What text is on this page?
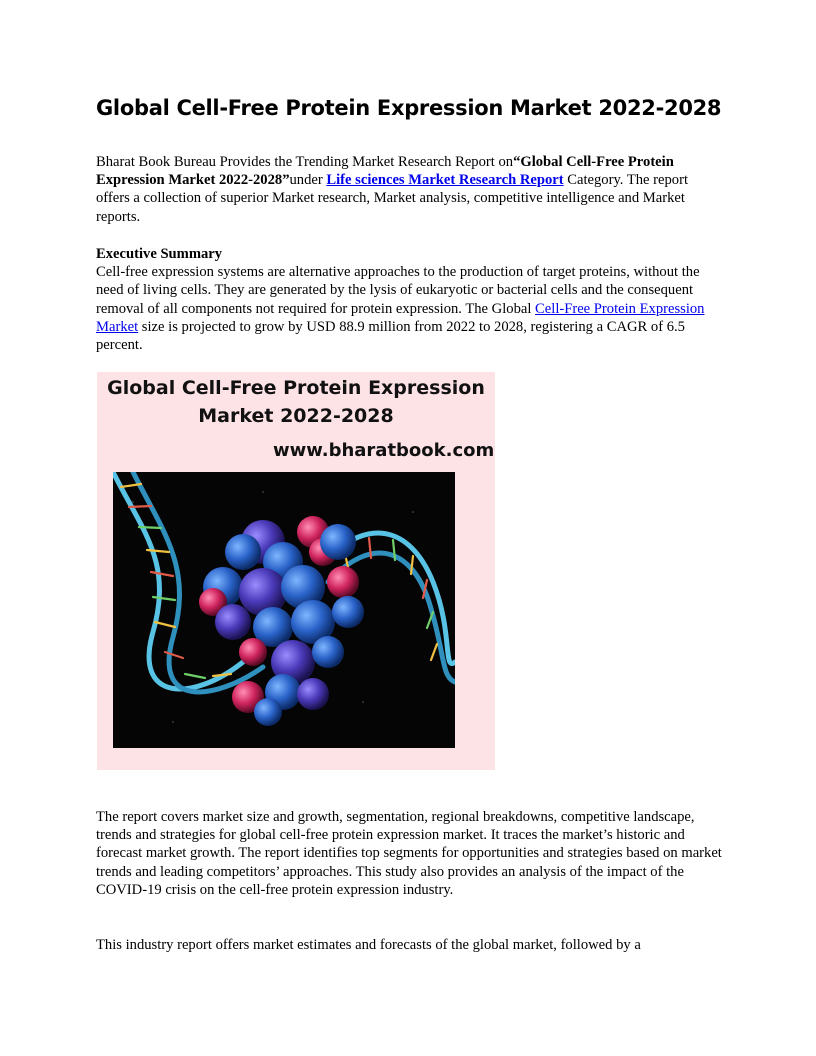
Global Cell-Free Protein Expression Market 2022-2028

Bharat Book Bureau Provides the Trending Market Research Report on“Global Cell-Free Protein Expression Market 2022-2028”under Life sciences Market Research Report Category. The report offers a collection of superior Market research, Market analysis, competitive intelligence and Market reports.

Executive Summary
Cell-free expression systems are alternative approaches to the production of target proteins, without the need of living cells. They are generated by the lysis of eukaryotic or bacterial cells and the consequent removal of all components not required for protein expression. The Global Cell-Free Protein Expression Market size is projected to grow by USD 88.9 million from 2022 to 2028, registering a CAGR of 6.5 percent.

Global Cell-Free Protein Expression Market 2022-2028
www.bharatbook.com

The report covers market size and growth, segmentation, regional breakdowns, competitive landscape, trends and strategies for global cell-free protein expression market. It traces the market’s historic and forecast market growth. The report identifies top segments for opportunities and strategies based on market trends and leading competitors’ approaches. This study also provides an analysis of the impact of the COVID-19 crisis on the cell-free protein expression industry.

This industry report offers market estimates and forecasts of the global market, followed by a
